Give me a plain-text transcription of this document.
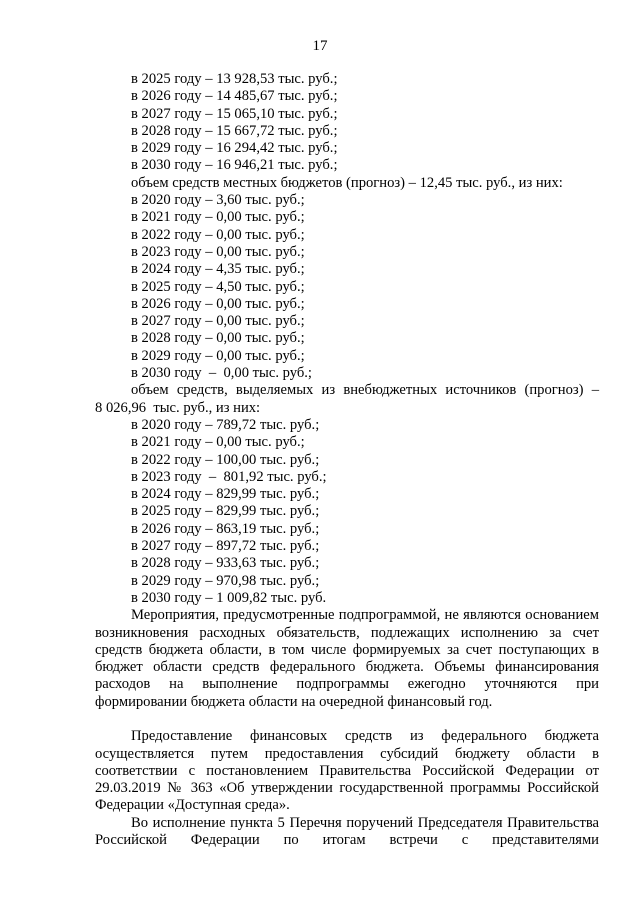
17
в 2025 году – 13 928,53 тыс. руб.;
в 2026 году – 14 485,67 тыс. руб.;
в 2027 году – 15 065,10 тыс. руб.;
в 2028 году – 15 667,72 тыс. руб.;
в 2029 году – 16 294,42 тыс. руб.;
в 2030 году – 16 946,21 тыс. руб.;
объем средств местных бюджетов (прогноз) – 12,45 тыс. руб., из них:
в 2020 году – 3,60 тыс. руб.;
в 2021 году – 0,00 тыс. руб.;
в 2022 году – 0,00 тыс. руб.;
в 2023 году – 0,00 тыс. руб.;
в 2024 году – 4,35 тыс. руб.;
в 2025 году – 4,50 тыс. руб.;
в 2026 году – 0,00 тыс. руб.;
в 2027 году – 0,00 тыс. руб.;
в 2028 году – 0,00 тыс. руб.;
в 2029 году – 0,00 тыс. руб.;
в 2030 году  –  0,00 тыс. руб.;
объем средств, выделяемых из внебюджетных источников (прогноз) –
8 026,96  тыс. руб., из них:
в 2020 году – 789,72 тыс. руб.;
в 2021 году – 0,00 тыс. руб.;
в 2022 году – 100,00 тыс. руб.;
в 2023 году  –  801,92 тыс. руб.;
в 2024 году – 829,99 тыс. руб.;
в 2025 году – 829,99 тыс. руб.;
в 2026 году – 863,19 тыс. руб.;
в 2027 году – 897,72 тыс. руб.;
в 2028 году – 933,63 тыс. руб.;
в 2029 году – 970,98 тыс. руб.;
в 2030 году – 1 009,82 тыс. руб.

Мероприятия, предусмотренные подпрограммой, не являются основанием возникновения расходных обязательств, подлежащих исполнению за счет средств бюджета области, в том числе формируемых за счет поступающих в бюджет области средств федерального бюджета. Объемы финансирования расходов на выполнение подпрограммы ежегодно уточняются при формировании бюджета области на очередной финансовый год.

Предоставление финансовых средств из федерального бюджета осуществляется путем предоставления субсидий бюджету области в соответствии с постановлением Правительства Российской Федерации от 29.03.2019 № 363 «Об утверждении государственной программы Российской Федерации «Доступная среда».

Во исполнение пункта 5 Перечня поручений Председателя Правительства Российской Федерации по итогам встречи с представителями
